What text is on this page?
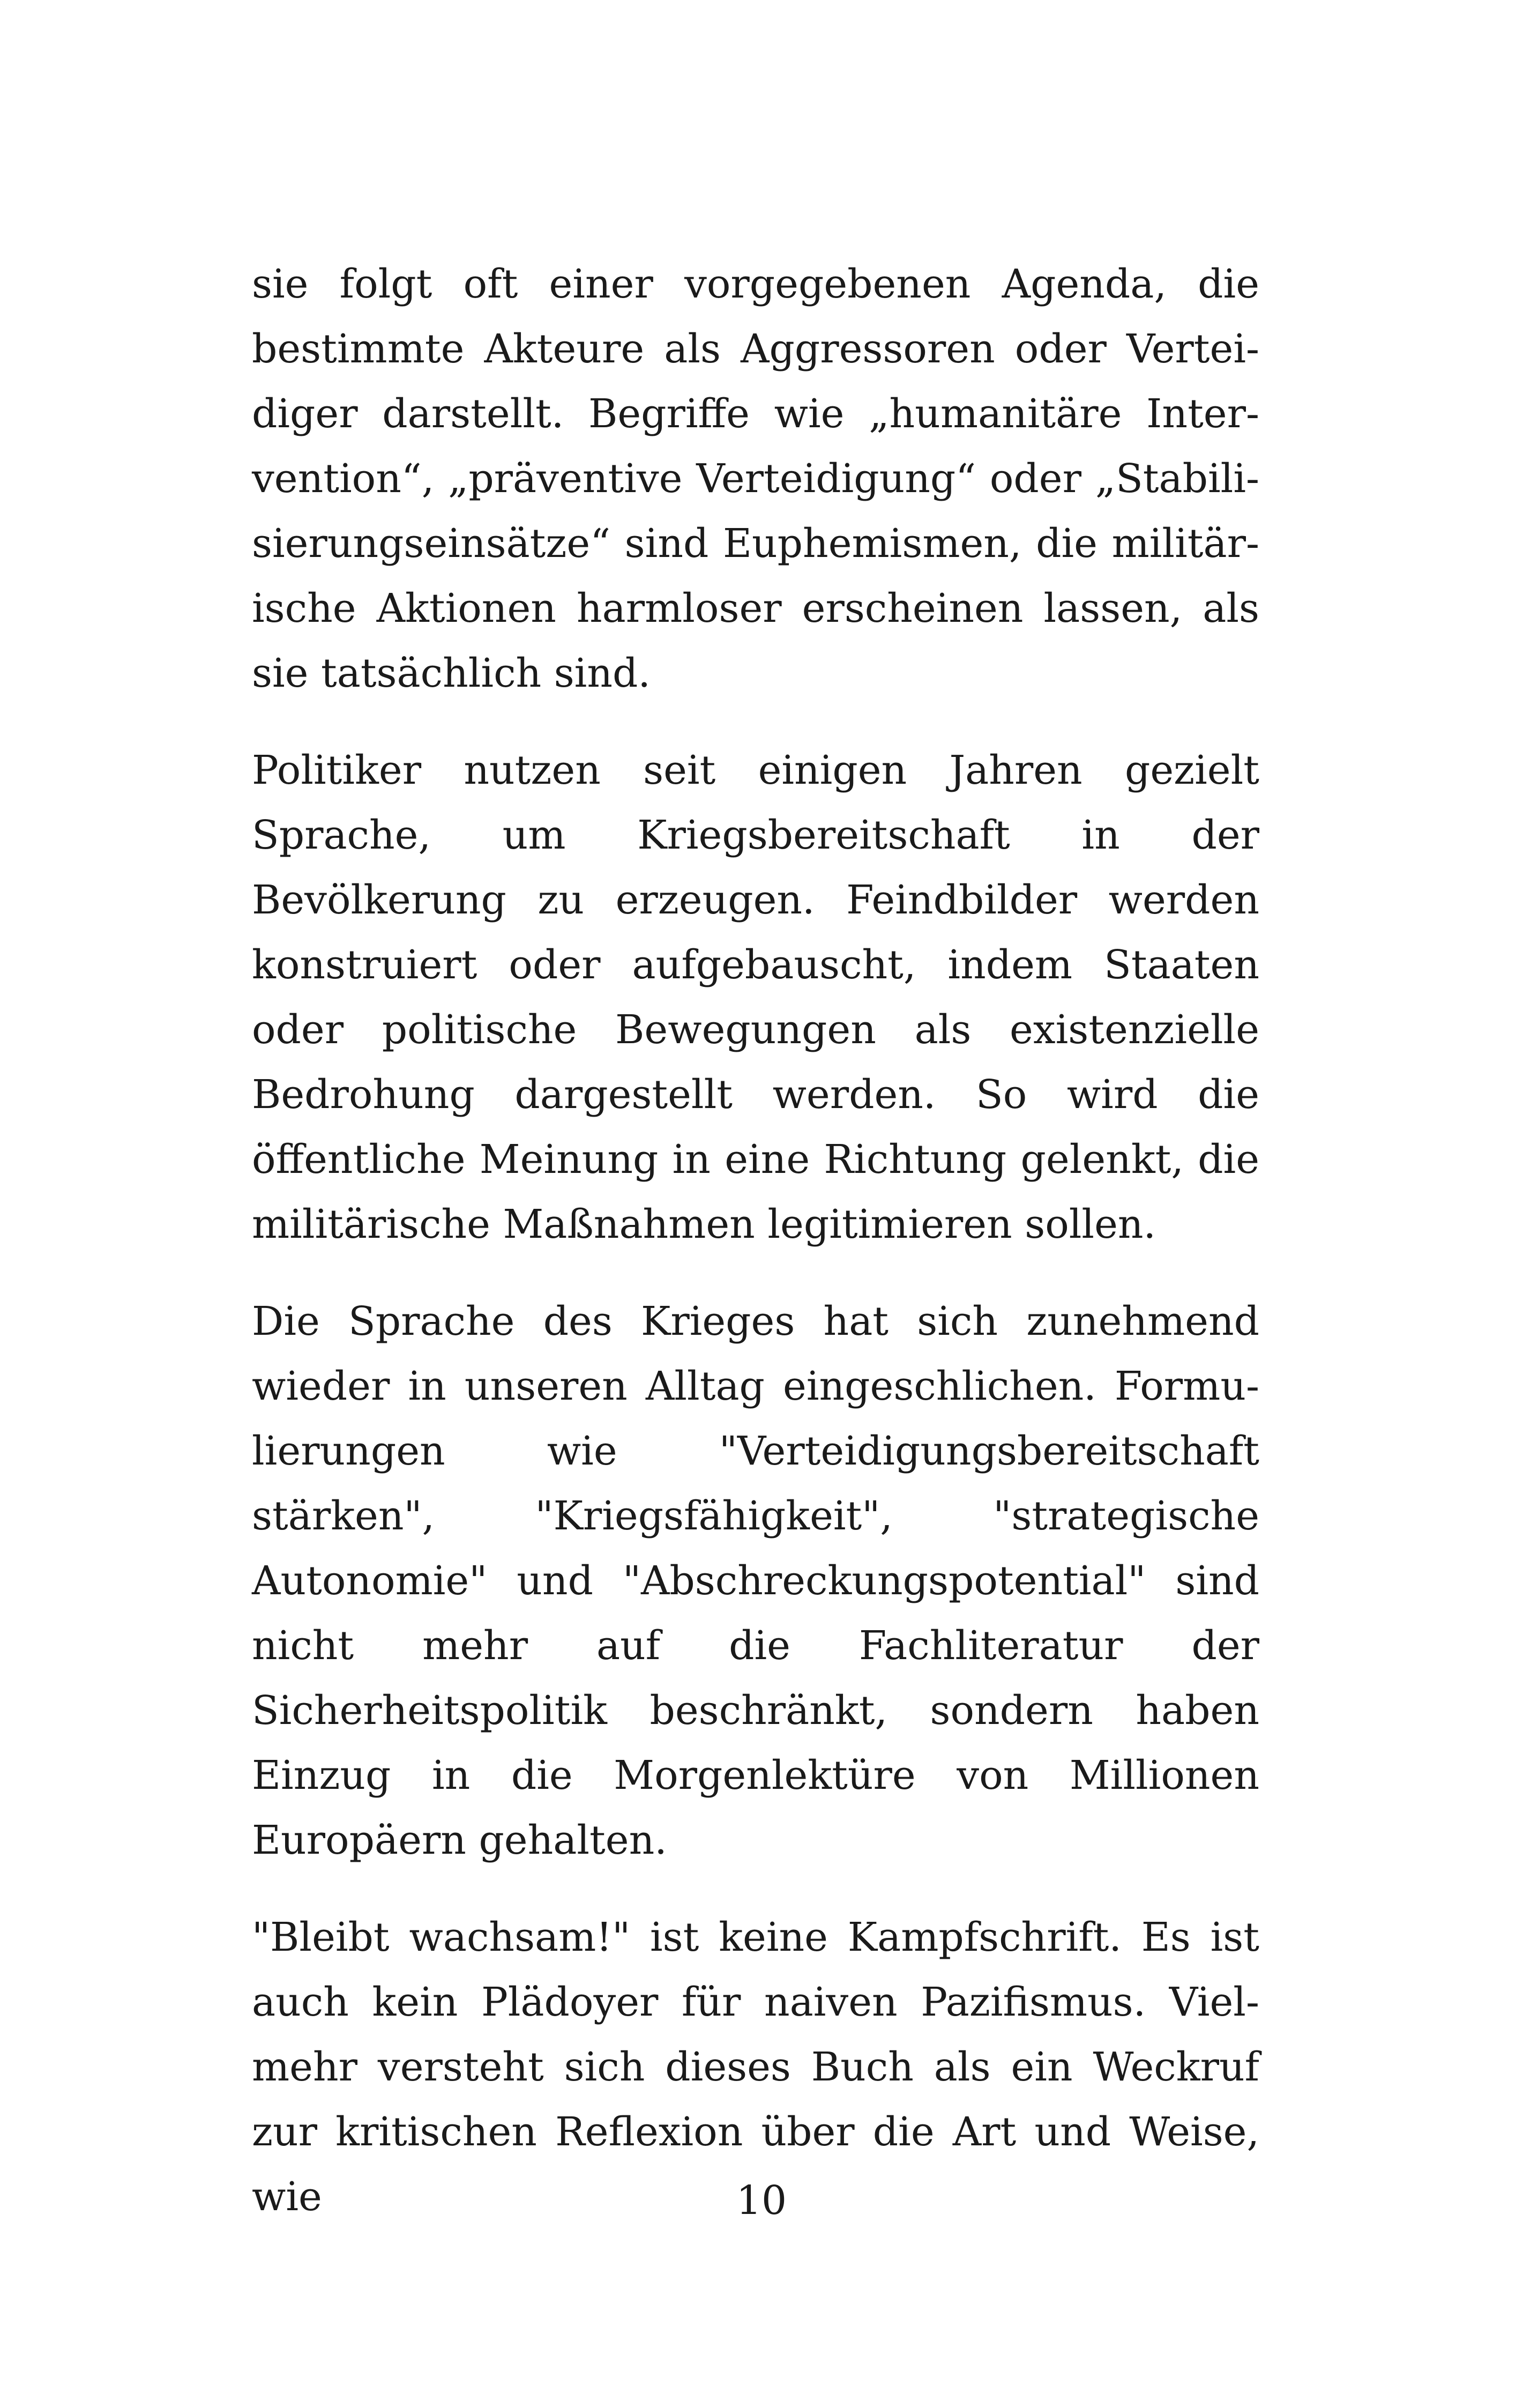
sie folgt oft einer vorgegebenen Agenda, die bestimmte Akteure als Aggressoren oder Verteidiger darstellt. Begriffe wie „humanitäre Intervention“, „präventive Verteidigung“ oder „Stabilisierungseinsätze“ sind Euphemismen, die militärische Aktionen harmloser erscheinen lassen, als sie tatsächlich sind.

Politiker nutzen seit einigen Jahren gezielt Sprache, um Kriegsbereitschaft in der Bevölkerung zu erzeugen. Feindbilder werden konstruiert oder aufgebauscht, indem Staaten oder politische Bewegungen als existenzielle Bedrohung dargestellt werden. So wird die öffentliche Meinung in eine Richtung gelenkt, die militärische Maßnahmen legitimieren sollen.

Die Sprache des Krieges hat sich zunehmend wieder in unseren Alltag eingeschlichen. Formulierungen wie "Verteidigungsbereitschaft stärken", "Kriegsfähigkeit", "strategische Autonomie" und "Abschreckungspotential" sind nicht mehr auf die Fachliteratur der Sicherheitspolitik beschränkt, sondern haben Einzug in die Morgenlektüre von Millionen Europäern gehalten.

"Bleibt wachsam!" ist keine Kampfschrift. Es ist auch kein Plädoyer für naiven Pazifismus. Vielmehr versteht sich dieses Buch als ein Weckruf zur kritischen Reflexion über die Art und Weise, wie	10
